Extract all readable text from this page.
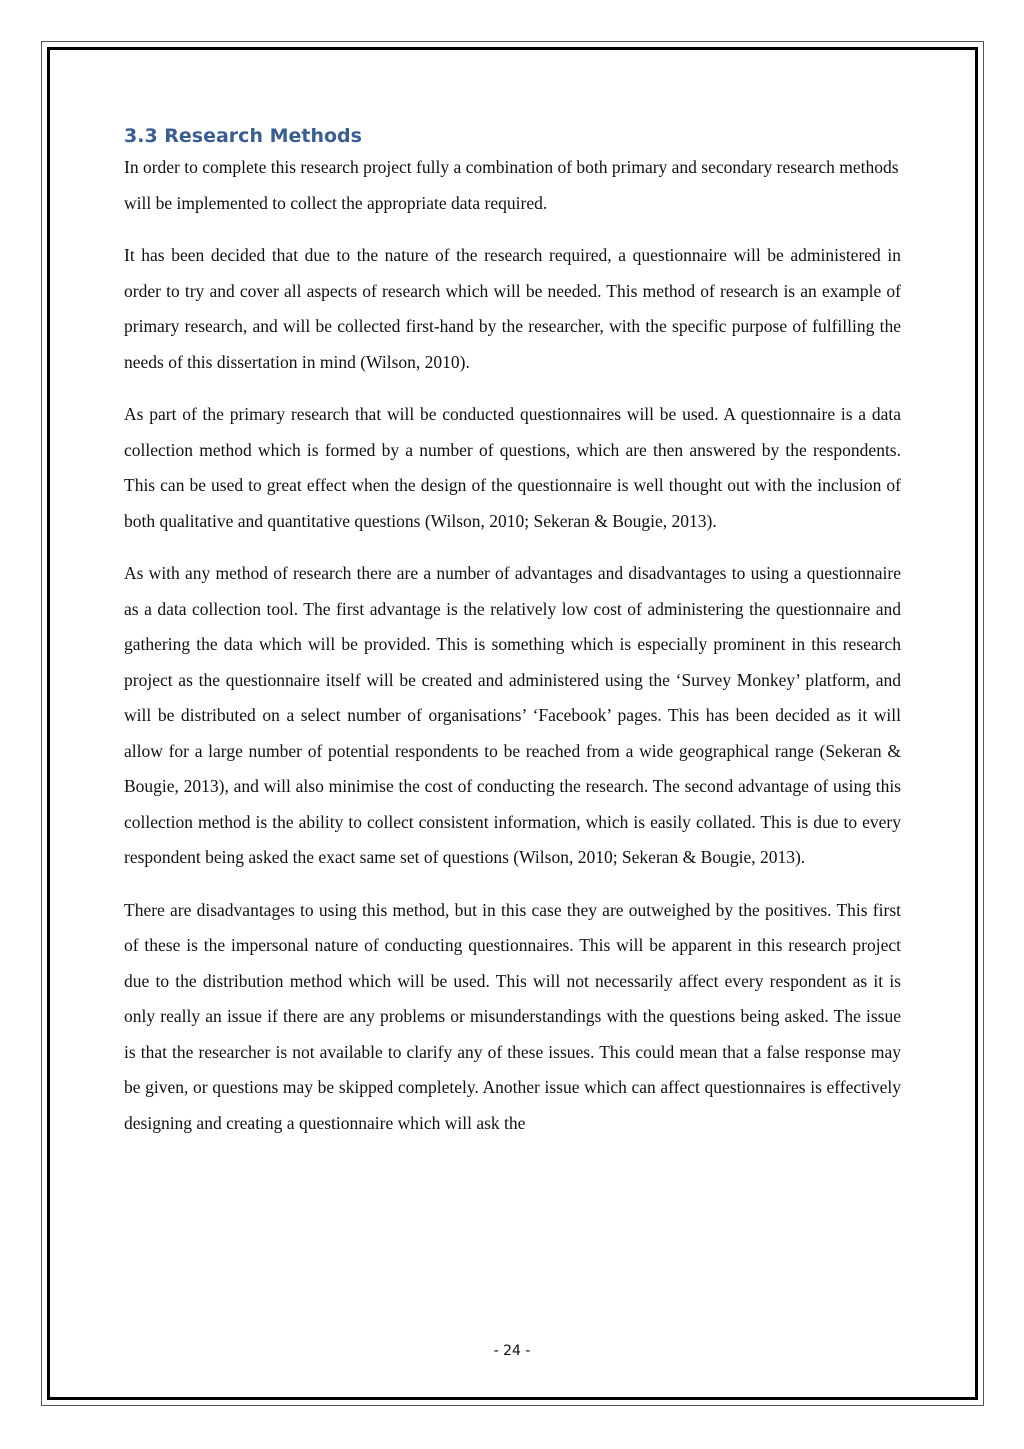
3.3 Research Methods

In order to complete this research project fully a combination of both primary and secondary research methods will be implemented to collect the appropriate data required.

It has been decided that due to the nature of the research required, a questionnaire will be administered in order to try and cover all aspects of research which will be needed. This method of research is an example of primary research, and will be collected first-hand by the researcher, with the specific purpose of fulfilling the needs of this dissertation in mind (Wilson, 2010).

As part of the primary research that will be conducted questionnaires will be used. A questionnaire is a data collection method which is formed by a number of questions, which are then answered by the respondents. This can be used to great effect when the design of the questionnaire is well thought out with the inclusion of both qualitative and quantitative questions (Wilson, 2010; Sekeran & Bougie, 2013).

As with any method of research there are a number of advantages and disadvantages to using a questionnaire as a data collection tool. The first advantage is the relatively low cost of administering the questionnaire and gathering the data which will be provided. This is something which is especially prominent in this research project as the questionnaire itself will be created and administered using the ‘Survey Monkey’ platform, and will be distributed on a select number of organisations’ ‘Facebook’ pages. This has been decided as it will allow for a large number of potential respondents to be reached from a wide geographical range (Sekeran & Bougie, 2013), and will also minimise the cost of conducting the research. The second advantage of using this collection method is the ability to collect consistent information, which is easily collated. This is due to every respondent being asked the exact same set of questions (Wilson, 2010; Sekeran & Bougie, 2013).

There are disadvantages to using this method, but in this case they are outweighed by the positives. This first of these is the impersonal nature of conducting questionnaires. This will be apparent in this research project due to the distribution method which will be used. This will not necessarily affect every respondent as it is only really an issue if there are any problems or misunderstandings with the questions being asked. The issue is that the researcher is not available to clarify any of these issues. This could mean that a false response may be given, or questions may be skipped completely. Another issue which can affect questionnaires is effectively designing and creating a questionnaire which will ask the

- 24 -
